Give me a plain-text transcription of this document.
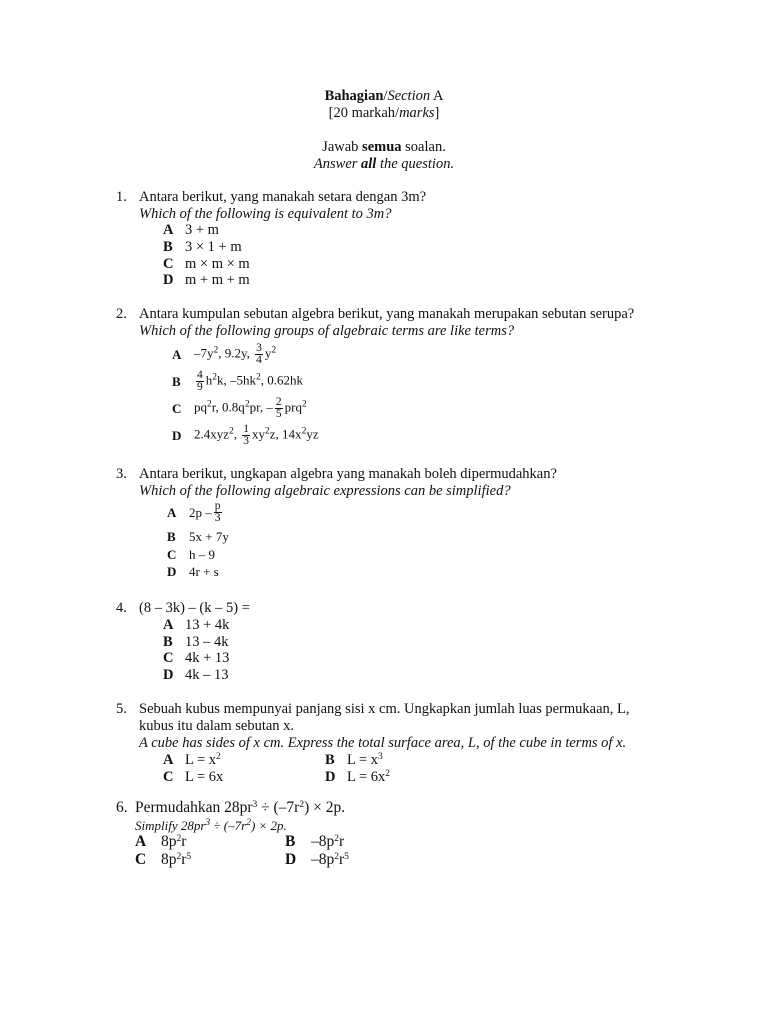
Bahagian/Section A
[20 markah/marks]
Jawab semua soalan.
Answer all the question.
1. Antara berikut, yang manakah setara dengan 3m?
Which of the following is equivalent to 3m?
A 3 + m
B 3 × 1 + m
C m × m × m
D m + m + m
2. Antara kumpulan sebutan algebra berikut, yang manakah merupakan sebutan serupa?
Which of the following groups of algebraic terms are like terms?
A $-7y^2$, 9.2y, $\frac{3}{4} y^2$
B	$\frac{4}{9} h^2k$, $-5hk^2$, 0.62hk
C $pq^2r$, $0.8q^2pr$, – $\frac{2}{5} prq^2$
D 2.4xyz$^2$, $\frac{1}{3} xy^2z$, $14x^2yz$
3. Antara berikut, ungkapan algebra yang manakah boleh dipermudahkan?
Which of the following algebraic expressions can be simplified?
A $2p - \frac{p}{3}$
B 5x + 7y
C h – 9
D 4r + s
4. (8 – 3k) – (k – 5) =
A 13 + 4k
B 13 – 4k
C 4k + 13
D 4k – 13
5. Sebuah kubus mempunyai panjang sisi x cm. Ungkapkan jumlah luas permukaan, L,
kubus itu dalam sebutan x.
A cube has sides of x cm. Express the total surface area, L, of the cube in terms of x.
A $L = x^2$	B $L = x^3$
C L = 6x	D $L = 6x^2$
6. Permudahkan $28pr^3 \div (-7r^2) \times 2p$.
Simplify $28pr^3 \div (-7r^2) \times 2p$.
A $8p^2r$	B $-8p^2r$
C $8p^2r^5$	D $-8p^2r^5$
